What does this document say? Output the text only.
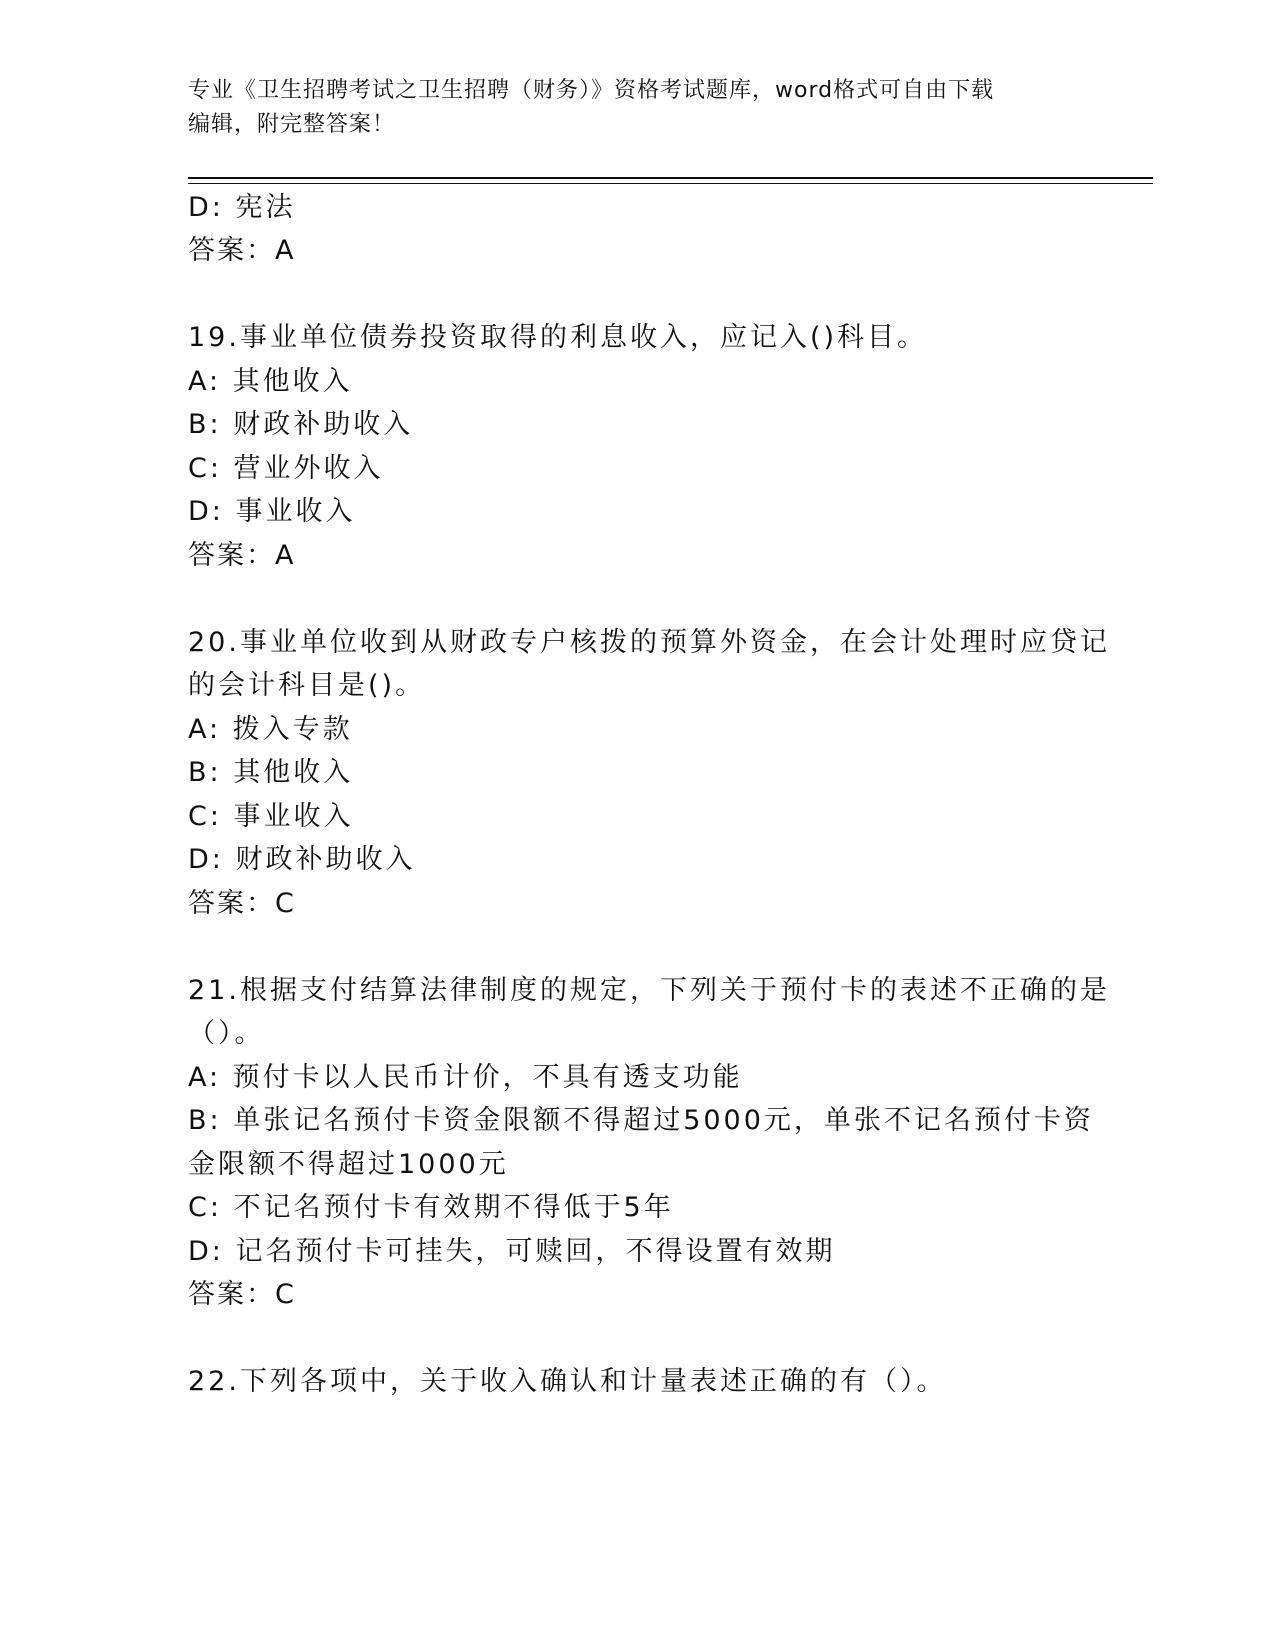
专业《卫生招聘考试之卫生招聘（财务）》资格考试题库，word格式可自由下载
编辑，附完整答案！
D: 宪法
答案：A
19.事业单位债券投资取得的利息收入，应记入()科目。
A: 其他收入
B: 财政补助收入
C: 营业外收入
D: 事业收入
答案：A
20.事业单位收到从财政专户核拨的预算外资金，在会计处理时应贷记
的会计科目是()。
A: 拨入专款
B: 其他收入
C: 事业收入
D: 财政补助收入
答案：C
21.根据支付结算法律制度的规定，下列关于预付卡的表述不正确的是
（）。
A: 预付卡以人民币计价，不具有透支功能
B: 单张记名预付卡资金限额不得超过5000元，单张不记名预付卡资
金限额不得超过1000元
C: 不记名预付卡有效期不得低于5年
D: 记名预付卡可挂失，可赎回，不得设置有效期
答案：C
22.下列各项中，关于收入确认和计量表述正确的有（）。
